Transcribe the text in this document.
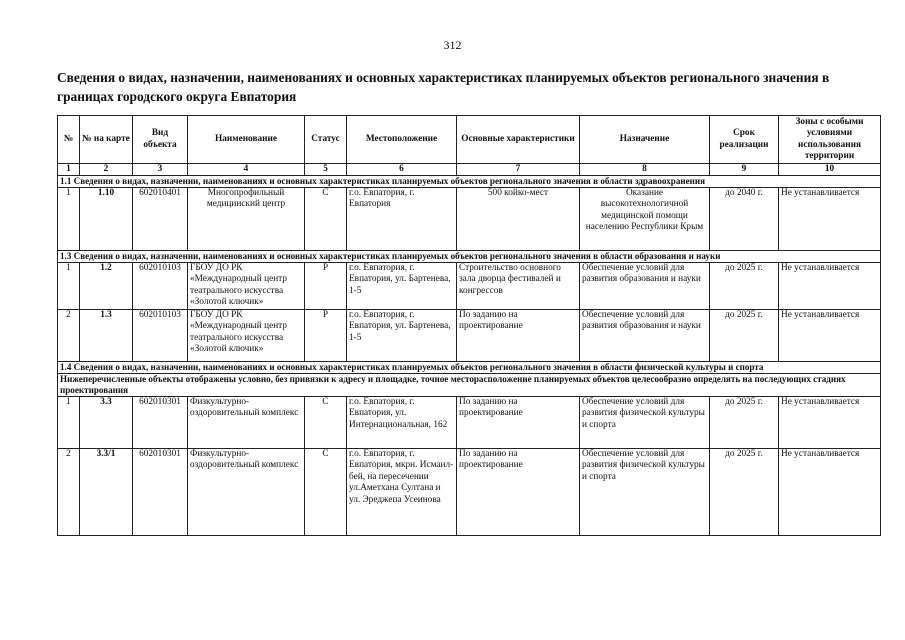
312
Сведения о видах, назначении, наименованиях и основных характеристиках планируемых объектов регионального значения в границах городского округа Евпатория
№	№ на карте	Вид объекта	Наименование	Статус	Местоположение	Основные характеристики	Назначение	Срок реализации	Зоны с особыми условиями использования территории
1	2	3	4	5	6	7	8	9	10
1.1 Сведения о видах, назначении, наименованиях и основных характеристиках планируемых объектов регионального значения в области здравоохранения									
1	1.10	602010401	Многопрофильный медицинский центр	С	г.о. Евпатория, г. Евпатория	500 койко-мест	Оказание высокотехнологичной медицинской помощи населению Республики Крым	до 2040 г.	Не устанавливается
1.3 Сведения о видах, назначении, наименованиях и основных характеристиках планируемых объектов регионального значения в области образования и науки									
1	1.2	602010103	ГБОУ ДО РК «Международный центр театрального искусства «Золотой ключик»	Р	г.о. Евпатория, г. Евпатория, ул. Бартенева, 1-5	Строительство основного зала дворца фестивалей и конгрессов	Обеспечение условий для развития образования и науки	до 2025 г.	Не устанавливается
2	1.3	602010103	ГБОУ ДО РК «Международный центр театрального искусства «Золотой ключик»	Р	г.о. Евпатория, г. Евпатория, ул. Бартенева, 1-5	По заданию на проектирование	Обеспечение условий для развития образования и науки	до 2025 г.	Не устанавливается
1.4 Сведения о видах, назначении, наименованиях и основных характеристиках планируемых объектов регионального значения в области физической культуры и спорта									
Нижеперечисленные объекты отображены условно, без привязки к адресу и площадке, точное месторасположение планируемых объектов целесообразно определять на последующих стадиях проектирования									
1	3.3	602010301	Физкультурно-оздоровительный комплекс	С	г.о. Евпатория, г. Евпатория, ул. Интернациональная, 162	По заданию на проектирование	Обеспечение условий для развития физической культуры и спорта	до 2025 г.	Не устанавливается
2	3.3/1	602010301	Физкультурно-оздоровительный комплекс	С	г.о. Евпатория, г. Евпатория, мкрн. Исмаил-бей, на пересечении ул.Аметхана Султана и ул. Эреджепа Усеинова	По заданию на проектирование	Обеспечение условий для развития физической культуры и спорта	до 2025 г.	Не устанавливается
